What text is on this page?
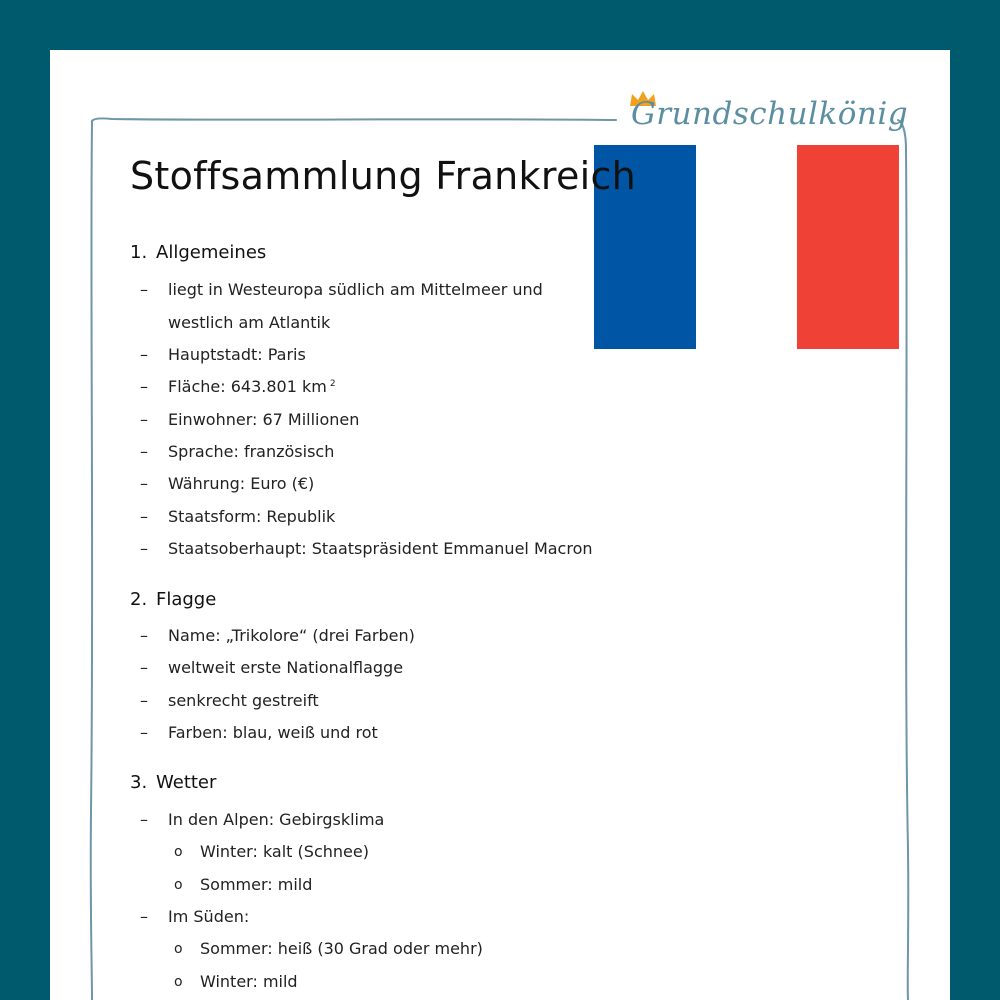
Grundschulkönig
Stoffsammlung Frankreich
1. Allgemeines
– liegt in Westeuropa südlich am Mittelmeer und
westlich am Atlantik
– Hauptstadt: Paris
– Fläche: 643.801 km $^2$
– Einwohner: 67 Millionen
– Sprache: französisch
– Währung: Euro (€)
– Staatsform: Republik
– Staatsoberhaupt: Staatspräsident Emmanuel Macron
2. Flagge
– Name: „Trikolore“ (drei Farben)
– weltweit erste Nationalflagge
– senkrecht gestreift
– Farben: blau, weiß und rot
3. Wetter
– In den Alpen: Gebirgsklima
o Winter: kalt (Schnee)
o Sommer: mild
– Im Süden:
o Sommer: heiß (30 Grad oder mehr)
o Winter: mild
